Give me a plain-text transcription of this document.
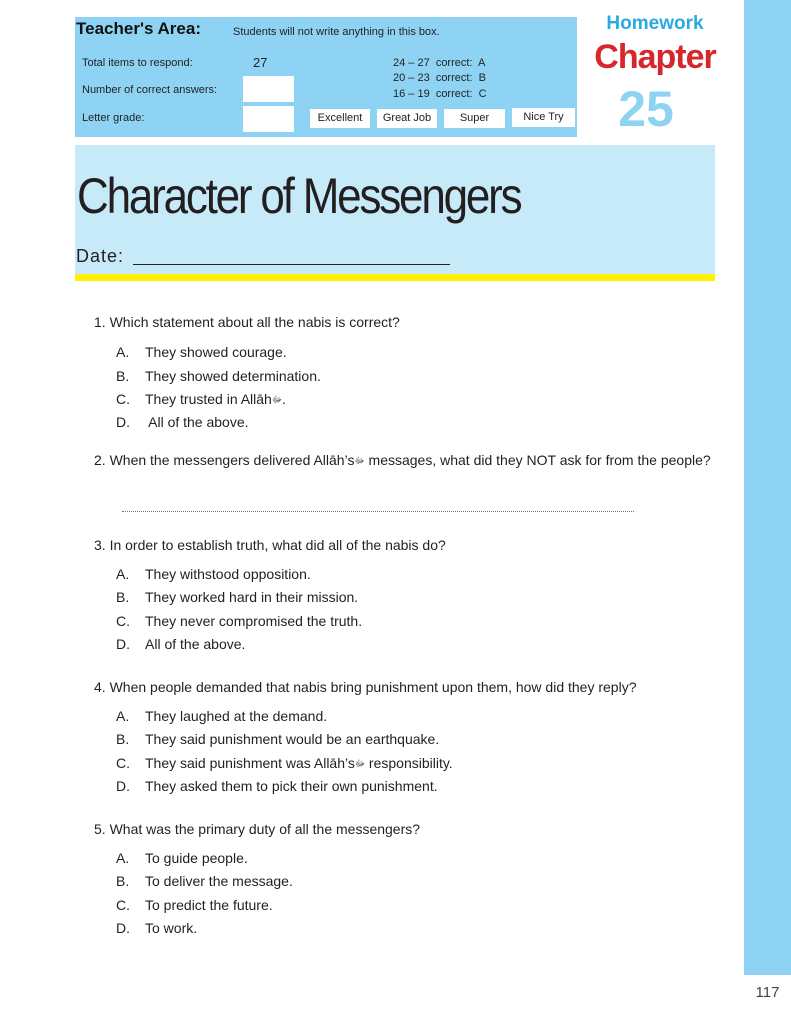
117
Teacher's Area:	Students will not write anything in this box.
Total items to respond:	27
Number of correct answers:
Letter grade:
24 – 27  correct:  A
20 – 23  correct:  B
16 – 19  correct:  C
Excellent	Great Job	Super	Nice Try
Homework
Chapter
25
Character of Messengers
Date:
1. Which statement about all the nabis is correct?
A. They showed courage.
B. They showed determination.
C. They trusted in Allāhﷻ.
D. All of the above.
2. When the messengers delivered Allāh’sﷻ messages, what did they NOT ask for from the people?
3. In order to establish truth, what did all of the nabis do?
A. They withstood opposition.
B. They worked hard in their mission.
C. They never compromised the truth.
D. All of the above.
4. When people demanded that nabis bring punishment upon them, how did they reply?
A. They laughed at the demand.
B. They said punishment would be an earthquake.
C. They said punishment was Allāh’sﷻ responsibility.
D. They asked them to pick their own punishment.
5. What was the primary duty of all the messengers?
A. To guide people.
B. To deliver the message.
C. To predict the future.
D. To work.
